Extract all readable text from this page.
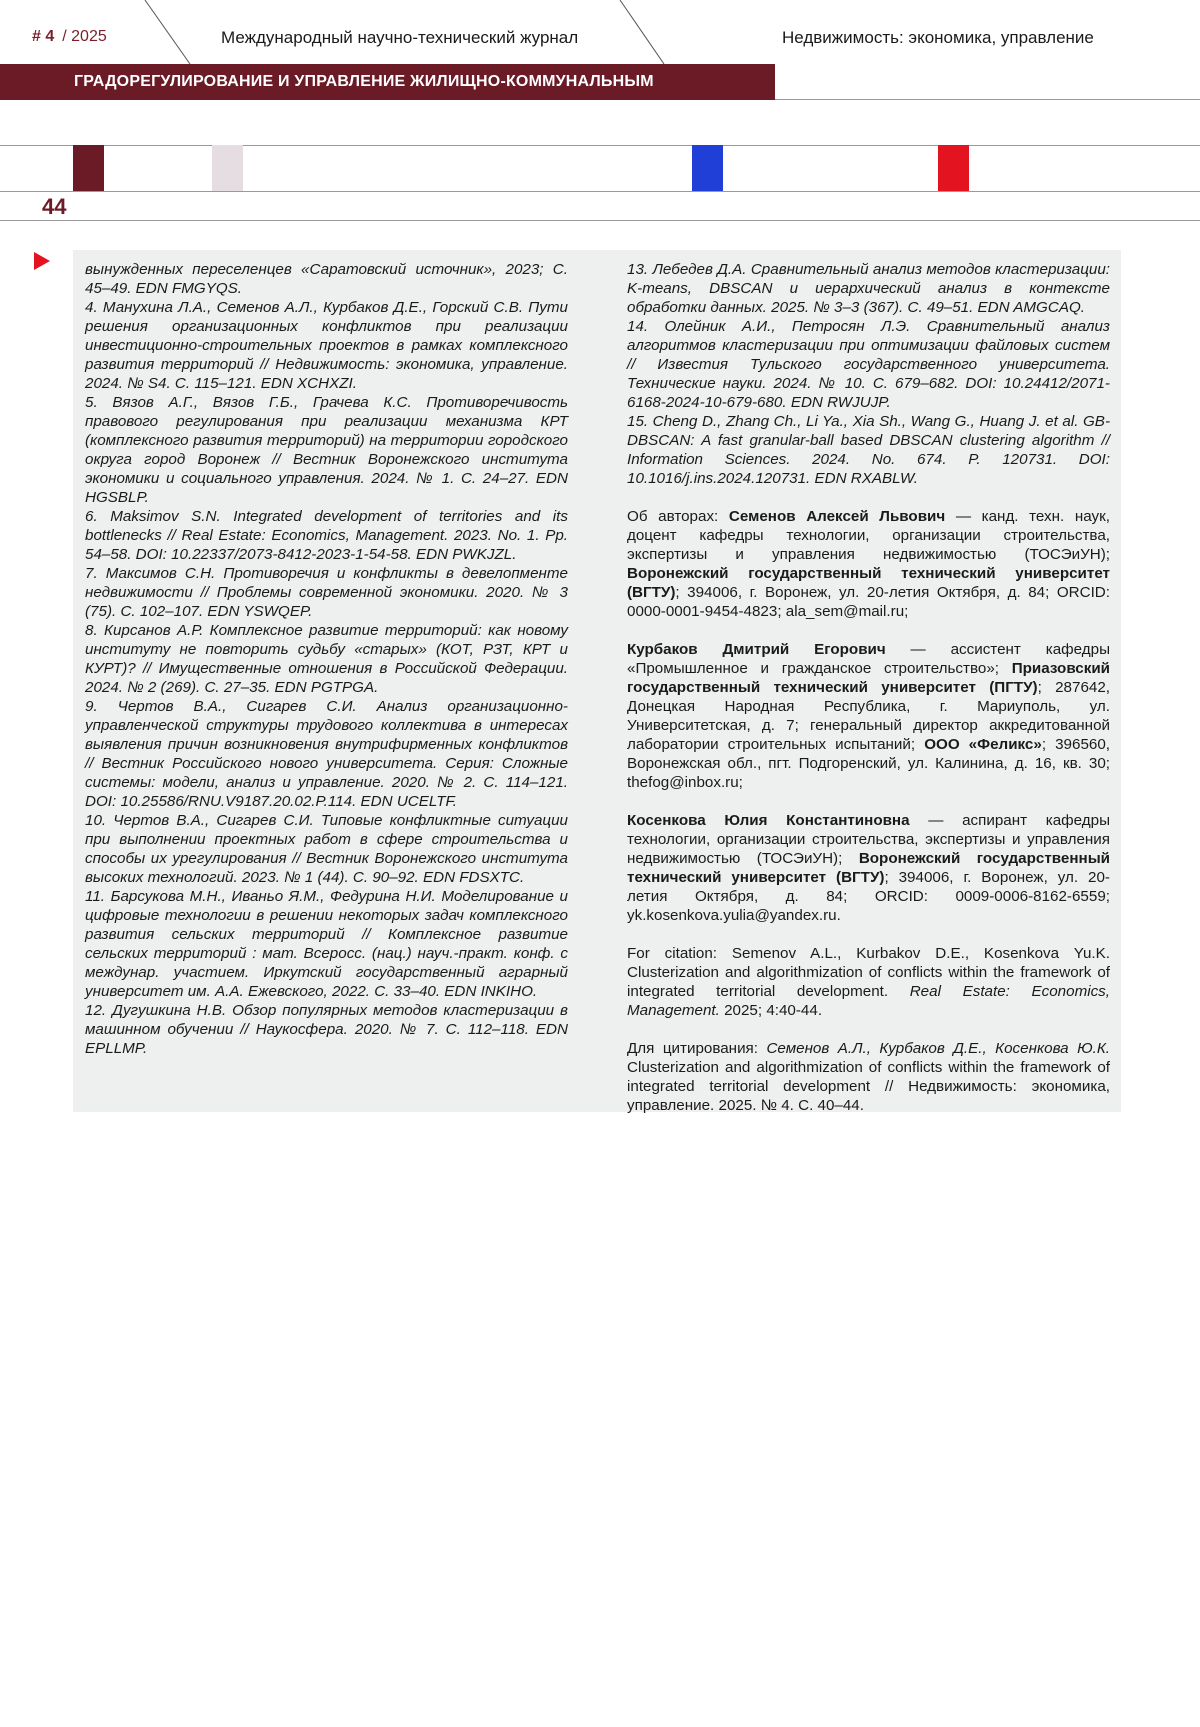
# 4 / 2025	Международный научно-технический журнал	Недвижимость: экономика, управление
ГРАДОРЕГУЛИРОВАНИЕ И УПРАВЛЕНИЕ ЖИЛИЩНО-КОММУНАЛЬНЫМ КОМПЛЕКСОМ
44

вынужденных переселенцев «Саратовский источник», 2023; С. 45–49. EDN FMGYQS.

4. Манухина Л.А., Семенов А.Л., Курбаков Д.Е., Горский С.В. Пути решения организационных конфликтов при реализации инвестиционно-строительных проектов в рамках комплексного развития территорий // Недвижимость: экономика, управление. 2024. № S4. С. 115–121. EDN XCHXZI.

5. Вязов А.Г., Вязов Г.Б., Грачева К.С. Противоречивость правового регулирования при реализации механизма КРТ (комплексного развития территорий) на территории городского округа город Воронеж // Вестник Воронежского института экономики и социального управления. 2024. № 1. С. 24–27. EDN HGSBLP.

6. Maksimov S.N. Integrated development of territories and its bottlenecks // Real Estate: Economics, Management. 2023. No. 1. Pp. 54–58. DOI: 10.22337/2073-8412-2023-1-54-58. EDN PWKJZL.

7. Максимов С.Н. Противоречия и конфликты в девелопменте недвижимости // Проблемы современной экономики. 2020. № 3 (75). С. 102–107. EDN YSWQEP.

8. Кирсанов А.Р. Комплексное развитие территорий: как новому институту не повторить судьбу «старых» (КОТ, РЗТ, КРТ и КУРТ)? // Имущественные отношения в Российской Федерации. 2024. № 2 (269). С. 27–35. EDN PGTPGA.

9. Чертов В.А., Сигарев С.И. Анализ организационно-управленческой структуры трудового коллектива в интересах выявления причин возникновения внутрифирменных конфликтов // Вестник Российского нового университета. Серия: Сложные системы: модели, анализ и управление. 2020. № 2. С. 114–121. DOI: 10.25586/RNU.V9187.20.02.P.114. EDN UCELTF.

10. Чертов В.А., Сигарев С.И. Типовые конфликтные ситуации при выполнении проектных работ в сфере строительства и способы их урегулирования // Вестник Воронежского института высоких технологий. 2023. № 1 (44). С. 90–92. EDN FDSXTC.

11. Барсукова М.Н., Иваньо Я.М., Федурина Н.И. Моделирование и цифровые технологии в решении некоторых задач комплексного развития сельских территорий // Комплексное развитие сельских территорий : мат. Всеросс. (нац.) науч.-практ. конф. с междунар. участием. Иркутский государственный аграрный университет им. А.А. Ежевского, 2022. С. 33–40. EDN INKIHO.

12. Дугушкина Н.В. Обзор популярных методов кластеризации в машинном обучении // Наукосфера. 2020. № 7. С. 112–118. EDN EPLLMP.

13. Лебедев Д.А. Сравнительный анализ методов кластеризации: K-means, DBSCAN и иерархический анализ в контексте обработки данных. 2025. № 3–3 (367). С. 49–51. EDN AMGCAQ.

14. Олейник А.И., Петросян Л.Э. Сравнительный анализ алгоритмов кластеризации при оптимизации файловых систем // Известия Тульского государственного университета. Технические науки. 2024. № 10. С. 679–682. DOI: 10.24412/2071-6168-2024-10-679-680. EDN RWJUJP.

15. Cheng D., Zhang Ch., Li Ya., Xia Sh., Wang G., Huang J. et al. GB-DBSCAN: A fast granular-ball based DBSCAN clustering algorithm // Information Sciences. 2024. No. 674. P. 120731. DOI: 10.1016/j.ins.2024.120731. EDN RXABLW.

Об авторах: Семенов Алексей Львович — канд. техн. наук, доцент кафедры технологии, организации строительства, экспертизы и управления недвижимостью (ТОСЭиУН); Воронежский государственный технический университет (ВГТУ); 394006, г. Воронеж, ул. 20-летия Октября, д. 84; ORCID: 0000-0001-9454-4823; ala_sem@mail.ru;

Курбаков Дмитрий Егорович — ассистент кафедры «Промышленное и гражданское строительство»; Приазовский государственный технический университет (ПГТУ); 287642, Донецкая Народная Республика, г. Мариуполь, ул. Университетская, д. 7; генеральный директор аккредитованной лаборатории строительных испытаний; ООО «Феликс»; 396560, Воронежская обл., пгт. Подгоренский, ул. Калинина, д. 16, кв. 30; thefog@inbox.ru;

Косенкова Юлия Константиновна — аспирант кафедры технологии, организации строительства, экспертизы и управления недвижимостью (ТОСЭиУН); Воронежский государственный технический университет (ВГТУ); 394006, г. Воронеж, ул. 20-летия Октября, д. 84; ORCID: 0009-0006-8162-6559; yk.kosenkova.yulia@yandex.ru.

For citation: Semenov A.L., Kurbakov D.E., Kosenkova Yu.K. Clusterization and algorithmization of conflicts within the framework of integrated territorial development. Real Estate: Economics, Management. 2025; 4:40-44.

Для цитирования: Семенов А.Л., Курбаков Д.Е., Косенкова Ю.К. Clusterization and algorithmization of conflicts within the framework of integrated territorial development // Недвижимость: экономика, управление. 2025. № 4. С. 40–44.
